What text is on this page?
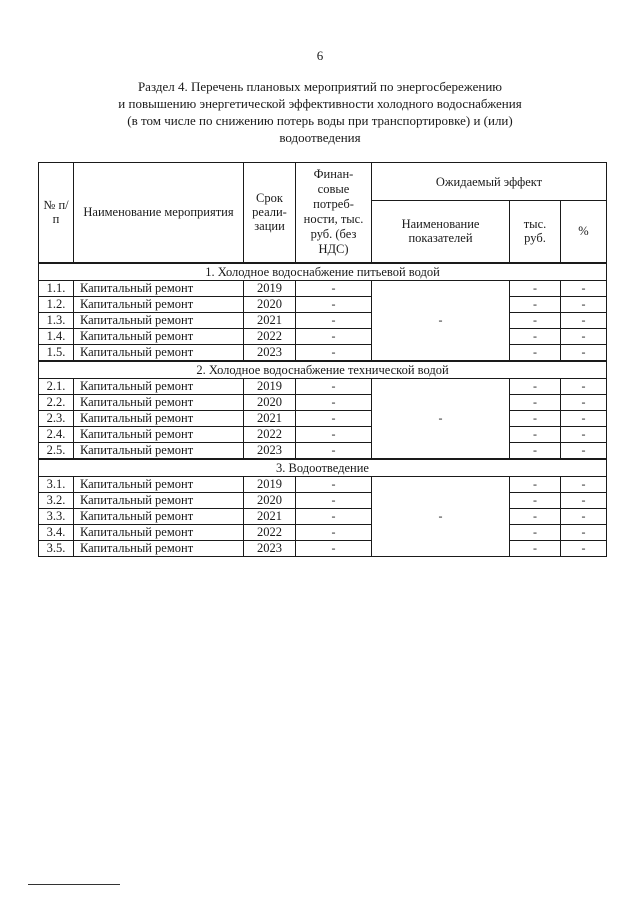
6
Раздел 4. Перечень плановых мероприятий по энергосбережению
и повышению энергетической эффективности холодного водоснабжения
(в том числе по снижению потерь воды при транспортировке) и (или)
водоотведения
№ п/п	Наименование мероприятия	Срок реали-зации	Финан-совые потреб-ности, тыс. руб. (без НДС)	Ожидаемый эффект		
				Наименование показателей	тыс. руб.	%
1. Холодное водоснабжение питьевой водой						
1.1.	Капитальный ремонт	2019	-	-	-	-
1.2.	Капитальный ремонт	2020	-		-	-
1.3.	Капитальный ремонт	2021	-		-	-
1.4.	Капитальный ремонт	2022	-		-	-
1.5.	Капитальный ремонт	2023	-		-	-
2. Холодное водоснабжение технической водой						
2.1.	Капитальный ремонт	2019	-	-	-	-
2.2.	Капитальный ремонт	2020	-		-	-
2.3.	Капитальный ремонт	2021	-		-	-
2.4.	Капитальный ремонт	2022	-		-	-
2.5.	Капитальный ремонт	2023	-		-	-
3. Водоотведение						
3.1.	Капитальный ремонт	2019	-	-	-	-
3.2.	Капитальный ремонт	2020	-		-	-
3.3.	Капитальный ремонт	2021	-		-	-
3.4.	Капитальный ремонт	2022	-		-	-
3.5.	Капитальный ремонт	2023	-		-	-
